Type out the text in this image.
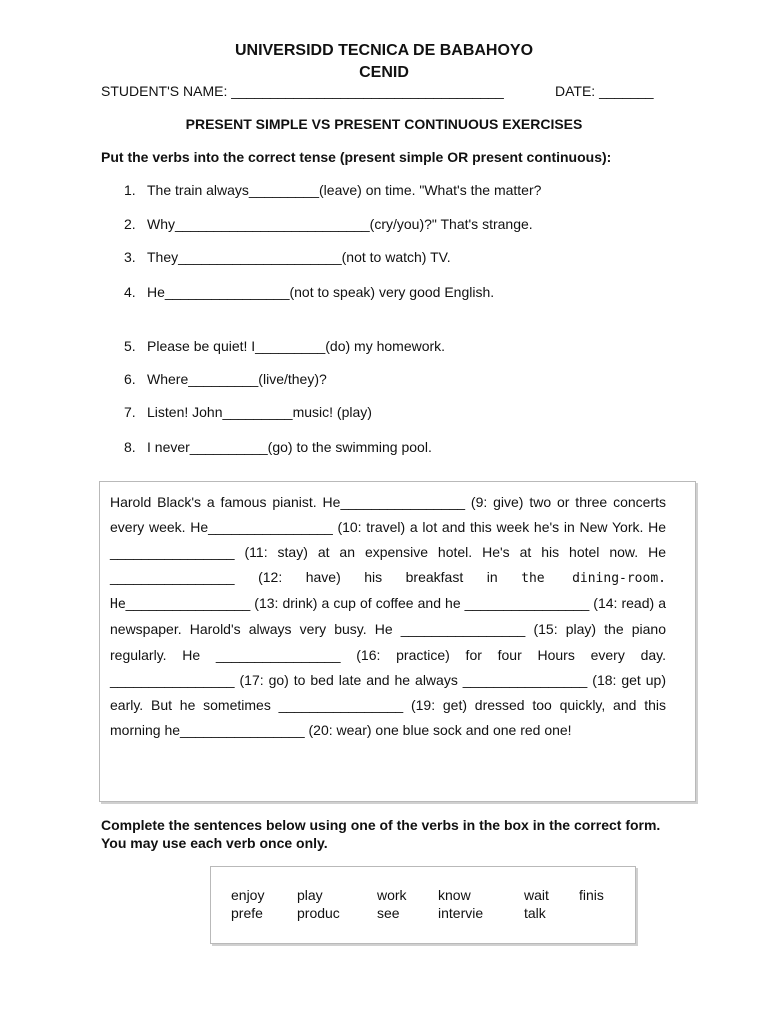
UNIVERSIDD TECNICA DE BABAHOYO
CENID
STUDENT'S NAME: ___________________________________	DATE: _______
PRESENT SIMPLE VS PRESENT CONTINUOUS EXERCISES
Put the verbs into the correct tense (present simple OR present continuous):
1. The train always_________(leave) on time. "What's the matter?
2. Why_________________________(cry/you)?" That's strange.
3. They_____________________(not to watch) TV.
4. He________________(not to speak) very good English.
5. Please be quiet! I_________(do) my homework.
6. Where_________(live/they)?
7. Listen! John_________music! (play)
8. I never__________(go) to the swimming pool.

Harold Black's a famous pianist. He________________ (9: give) two or three concerts every week. He________________ (10: travel) a lot and this week he's in New York. He ________________ (11: stay) at an expensive hotel. He's at his hotel now. He ________________ (12: have) his breakfast in the dining-room. He________________ (13: drink) a cup of coffee and he ________________ (14: read) a newspaper. Harold's always very busy. He ________________ (15: play) the piano regularly. He ________________ (16: practice) for four Hours every day. ________________ (17: go) to bed late and he always ________________ (18: get up) early. But he sometimes ________________ (19: get) dressed too quickly, and this morning he________________ (20: wear) one blue sock and one red one!

Complete the sentences below using one of the verbs in the box in the correct form. You may use each verb once only.
enjoy play	work know	wait finis
prefe produc	see	intervie	talk
